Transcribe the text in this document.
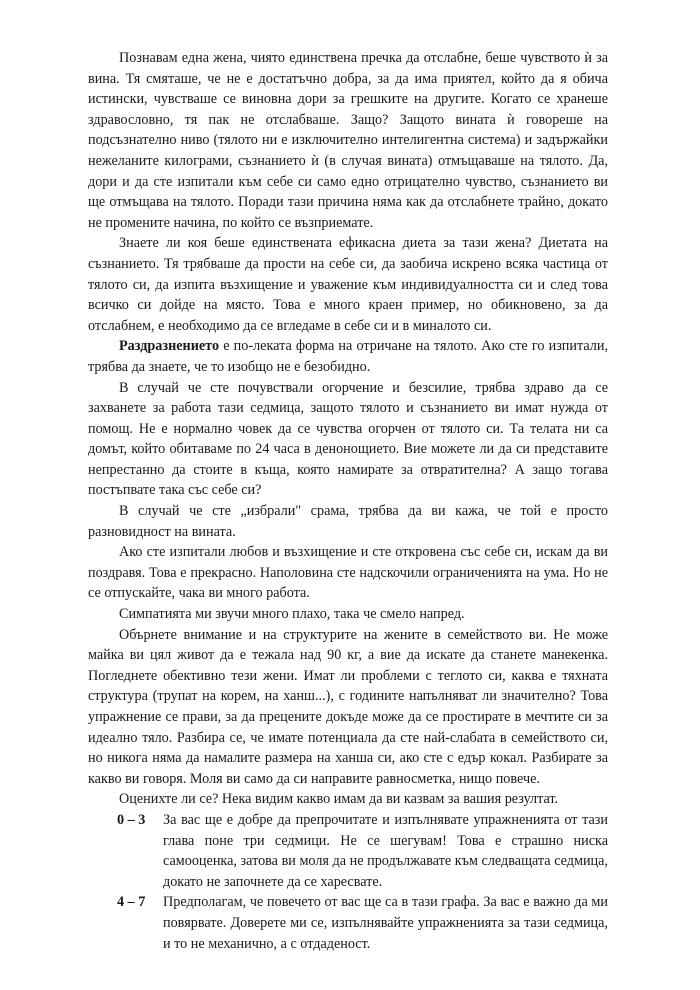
Познавам една жена, чиято единствена пречка да отслабне, беше чувството ѝ за вина. Тя смяташе, че не е достатъчно добра, за да има приятел, който да я обича истински, чувстваше се виновна дори за грешките на другите. Когато се хранеше здравословно, тя пак не отслабваше. Защо? Защото вината ѝ говореше на подсъзнателно ниво (тялото ни е изключително интелигентна система) и задържайки нежеланите килограми, съзнанието ѝ (в случая вината) отмъщаваше на тялото. Да, дори и да сте изпитали към себе си само едно отрицателно чувство, съзнанието ви ще отмъщава на тялото. Поради тази причина няма как да отслабнете трайно, докато не промените начина, по който се възприемате.

Знаете ли коя беше единствената ефикасна диета за тази жена? Диетата на съзнанието. Тя трябваше да прости на себе си, да заобича искрено всяка частица от тялото си, да изпита възхищение и уважение към индивидуалността си и след това всичко си дойде на място. Това е много краен пример, но обикновено, за да отслабнем, е необходимо да се вгледаме в себе си и в миналото си.

Раздразнението е по-леката форма на отричане на тялото. Ако сте го изпитали, трябва да знаете, че то изобщо не е безобидно.

В случай че сте почувствали огорчение и безсилие, трябва здраво да се захванете за работа тази седмица, защото тялото и съзнанието ви имат нужда от помощ. Не е нормално човек да се чувства огорчен от тялото си. Та телата ни са домът, който обитаваме по 24 часа в денонощието. Вие можете ли да си представите непрестанно да стоите в къща, която намирате за отвратителна? А защо тогава постъпвате така със себе си?

В случай че сте „избрали" срама, трябва да ви кажа, че той е просто разновидност на вината.

Ако сте изпитали любов и възхищение и сте откровена със себе си, искам да ви поздравя. Това е прекрасно. Наполовина сте надскочили ограниченията на ума. Но не се отпускайте, чака ви много работа.

Симпатията ми звучи много плахо, така че смело напред.

Обърнете внимание и на структурите на жените в семейството ви. Не може майка ви цял живот да е тежала над 90 кг, а вие да искате да станете манекенка. Погледнете обективно тези жени. Имат ли проблеми с теглото си, каква е тяхната структура (трупат на корем, на ханш...), с годините напълняват ли значително? Това упражнение се прави, за да прецените докъде може да се простирате в мечтите си за идеално тяло. Разбира се, че имате потенциала да сте най-слабата в семейството си, но никога няма да намалите размера на ханша си, ако сте с едър кокал. Разбирате за какво ви говоря. Моля ви само да си направите равносметка, нищо повече.

Оценихте ли се? Нека видим какво имам да ви казвам за вашия резултат.

0 – 3	За вас ще е добре да препрочитате и изпълнявате упражненията от тази глава поне три седмици. Не се шегувам! Това е страшно ниска самооценка, затова ви моля да не продължавате към следващата седмица, докато не започнете да се харесвате.
4 – 7	Предполагам, че повечето от вас ще са в тази графа. За вас е важно да ми повярвате. Доверете ми се, изпълнявайте упражненията за тази седмица, и то не механично, а с отдаденост.
